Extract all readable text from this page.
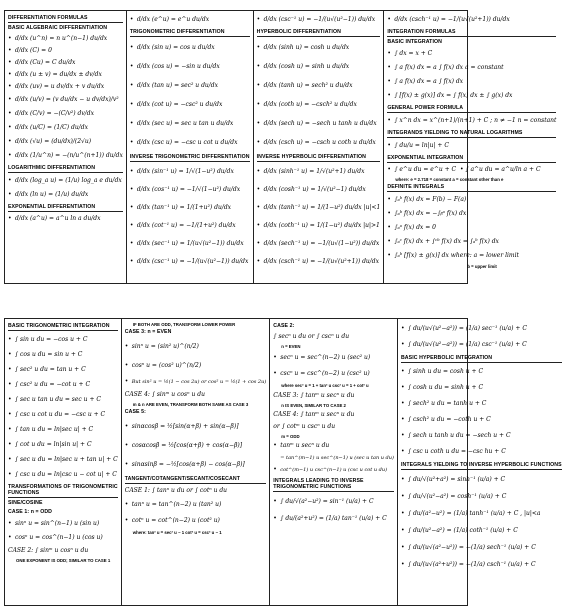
DIFFERENTIATION FORMULAS
BASIC ALGEBRAIC DIFFERENTIATION
• d/dx (u^n) = n u^(n−1) du/dx
• d/dx (C) = 0
• d/dx (Cu) = C du/dx
• d/dx (u ± v) = du/dx ± dv/dx
• d/dx (uv) = u dv/dx + v du/dx
• d/dx (u/v) = (v du/dx − u dv/dx)/v²
• d/dx (C/v) = −(C/v²) dv/dx
• d/dx (u/C) = (1/C) du/dx
• d/dx (√u) = (du/dx)/(2√u)
• d/dx (1/u^n) = −(n/u^(n+1)) du/dx
LOGARITHMIC DIFFERENTIATION
• d/dx (log_a u) = (1/u) log_a e du/dx
• d/dx (ln u) = (1/u) du/dx
EXPONENTIAL DIFFERENTIATION
• d/dx (a^u) = a^u ln a du/dx
• d/dx (e^u) = e^u du/dx
TRIGONOMETRIC DIFFERENTIATION
• d/dx (sin u) = cos u du/dx
• d/dx (cos u) = −sin u du/dx
• d/dx (tan u) = sec² u du/dx
• d/dx (cot u) = −csc² u du/dx
• d/dx (sec u) = sec u tan u du/dx
• d/dx (csc u) = −csc u cot u du/dx
INVERSE TRIGONOMETRIC DIFFERENTIATION
• d/dx (sin⁻¹ u) = 1/√(1−u²) du/dx
• d/dx (cos⁻¹ u) = −1/√(1−u²) du/dx
• d/dx (tan⁻¹ u) = 1/(1+u²) du/dx
• d/dx (cot⁻¹ u) = −1/(1+u²) du/dx
• d/dx (sec⁻¹ u) = 1/(u√(u²−1)) du/dx
• d/dx (csc⁻¹ u) = −1/(u√(u²−1)) du/dx
• d/dx (csc⁻¹ u) = −1/(u√(u²−1)) du/dx
HYPERBOLIC DIFFERENTIATION
• d/dx (sinh u) = cosh u du/dx
• d/dx (cosh u) = sinh u du/dx
• d/dx (tanh u) = sech² u du/dx
• d/dx (coth u) = −csch² u du/dx
• d/dx (sech u) = −sech u tanh u du/dx
• d/dx (csch u) = −csch u coth u du/dx
INVERSE HYPERBOLIC DIFFERENTIATION
• d/dx (sinh⁻¹ u) = 1/√(u²+1) du/dx
• d/dx (cosh⁻¹ u) = 1/√(u²−1) du/dx
• d/dx (tanh⁻¹ u) = 1/(1−u²) du/dx |u|<1
• d/dx (coth⁻¹ u) = 1/(1−u²) du/dx |u|>1
• d/dx (sech⁻¹ u) = −1/(u√(1−u²)) du/dx
• d/dx (csch⁻¹ u) = −1/(u√(u²+1)) du/dx
• d/dx (csch⁻¹ u) = −1/(u√(u²+1)) du/dx
INTEGRATION FORMULAS
BASIC INTEGRATION
• ∫ dx = x + C
• ∫ a f(x) dx = a ∫ f(x) dx a = constant
• ∫ a f(x) dx = a ∫ f(x) dx
• ∫ [f(x) ± g(x)] dx = ∫ f(x) dx ± ∫ g(x) dx
GENERAL POWER FORMULA
• ∫ x^n dx = x^(n+1)/(n+1) + C ; n ≠ −1 n = constant
INTEGRANDS YIELDING TO NATURAL LOGARITHMS
• ∫ du/u = ln|u| + C
EXPONENTIAL INTEGRATION
• ∫ e^u du = e^u + C • ∫ a^u du = a^u/ln a + C
where: e = 2.718 = constant a = constant other than e
DEFINITE INTEGRALS
• ∫ₐᵇ f(x) dx = F(b) − F(a)
• ∫ₐᵇ f(x) dx = −∫ᵦᵃ f(x) dx
• ∫ₐᵃ f(x) dx = 0
• ∫ₐᶜ f(x) dx + ∫ᶜᵇ f(x) dx = ∫ₐᵇ f(x) dx
• ∫ₐᵇ [f(x) ± g(x)] dx where: a = lower limit
b = upper limit
BASIC TRIGONOMETRIC INTEGRATION
• ∫ sin u du = −cos u + C
• ∫ cos u du = sin u + C
• ∫ sec² u du = tan u + C
• ∫ csc² u du = −cot u + C
• ∫ sec u tan u du = sec u + C
• ∫ csc u cot u du = −csc u + C
• ∫ tan u du = ln|sec u| + C
• ∫ cot u du = ln|sin u| + C
• ∫ sec u du = ln|sec u + tan u| + C
• ∫ csc u du = ln|csc u − cot u| + C
TRANSFORMATIONS OF TRIGONOMETRIC FUNCTIONS
SINE/COSINE
CASE 1: n = ODD
• sinⁿ u = sin^(n−1) u (sin u)
• cosⁿ u = cos^(n−1) u (cos u)
CASE 2: ∫ sinᵐ u cosⁿ u du
ONE EXPONENT IS ODD; SIMILAR TO CASE 1
IF BOTH ARE ODD, TRANSFORM LOWER POWER
CASE 3: n = EVEN
• sinⁿ u = (sin² u)^(n/2)
• cosⁿ u = (cos² u)^(n/2)
• But sin² u = ½(1 − cos 2u) or cos² u = ½(1 + cos 2u)
CASE 4: ∫ sinᵐ u cosⁿ u du
m & n ARE EVEN, TRANSFORM BOTH SAME AS CASE 3
CASE 5:
• sinαcosβ = ½[sin(α+β) + sin(α−β)]
• cosαcosβ = ½[cos(α+β) + cos(α−β)]
• sinαsinβ = −½[cos(α+β) − cos(α−β)]
TANGENT/COTANGENT/SECANT/COSECANT
CASE 1: ∫ tanⁿ u du or ∫ cotⁿ u du
• tanⁿ u = tan^(n−2) u (tan² u)
• cotⁿ u = cot^(n−2) u (cot² u)
where: tan² u = sec² u − 1 cot² u = csc² u − 1
CASE 2:
∫ secⁿ u du or ∫ cscⁿ u du
n = EVEN
• secⁿ u = sec^(n−2) u (sec² u)
• cscⁿ u = csc^(n−2) u (csc² u)
where sec² u = 1 + tan² u csc² u = 1 + cot² u
CASE 3: ∫ tanᵐ u secⁿ u du
n IS EVEN, SIMILAR TO CASE 2
CASE 4: ∫ tanᵐ u secⁿ u du
or ∫ cotᵐ u cscⁿ u du
m = ODD
• tanᵐ u secⁿ u du
= tan^(m−1) u sec^(n−1) u (sec u tan u du)
• cot^(m−1) u csc^(n−1) u (csc u cot u du)
INTEGRALS LEADING TO INVERSE TRIGONOMETRIC FUNCTIONS
• ∫ du/√(a²−u²) = sin⁻¹ (u/a) + C
• ∫ du/(a²+u²) = (1/a) tan⁻¹ (u/a) + C
• ∫ du/(u√(u²−a²)) = (1/a) sec⁻¹ (u/a) + C
• ∫ du/(u√(u²−a²)) = (1/a) csc⁻¹ (u/a) + C
BASIC HYPERBOLIC INTEGRATION
• ∫ sinh u du = cosh u + C
• ∫ cosh u du = sinh u + C
• ∫ sech² u du = tanh u + C
• ∫ csch² u du = −coth u + C
• ∫ sech u tanh u du = −sech u + C
• ∫ csc u coth u du = −csc hu + C
INTEGRALS YIELDING TO INVERSE HYPERBOLIC FUNCTIONS
• ∫ du/√(u²+a²) = sinh⁻¹ (u/a) + C
• ∫ du/√(u²−a²) = cosh⁻¹ (u/a) + C
• ∫ du/(a²−u²) = (1/a) tanh⁻¹ (u/a) + C , |u|<a
• ∫ du/(u²−a²) = (1/a) coth⁻¹ (u/a) + C
• ∫ du/(u√(a²−u²)) = −(1/a) sech⁻¹ (u/a) + C
• ∫ du/(u√(a²+u²)) = −(1/a) csch⁻¹ (u/a) + C
